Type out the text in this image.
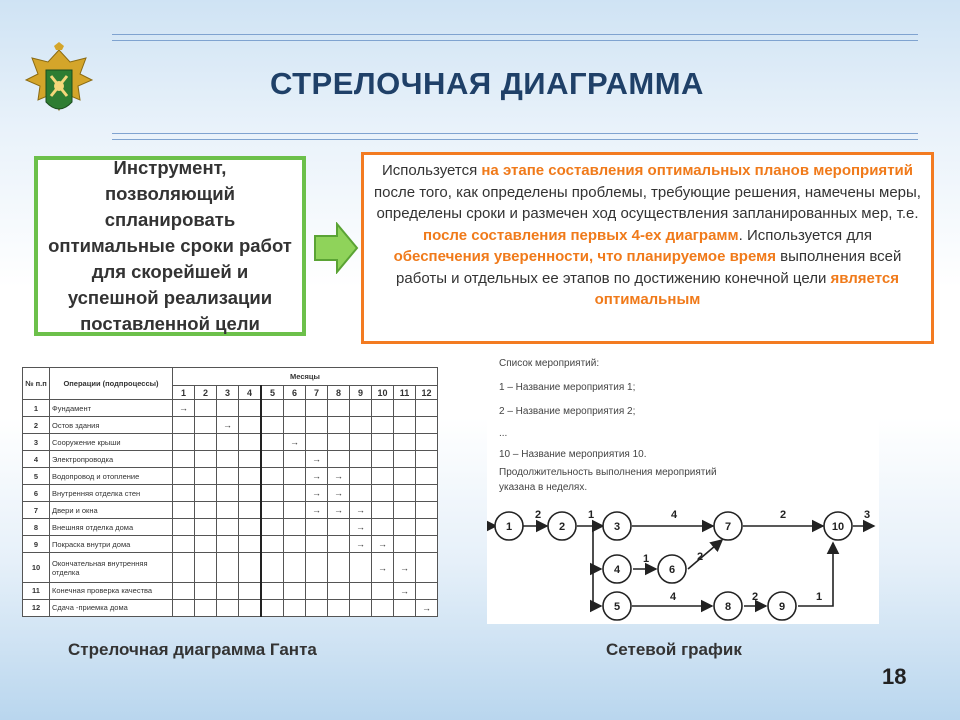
СТРЕЛОЧНАЯ ДИАГРАММА
Инструмент, позволяющий спланировать оптимальные сроки работ для скорейшей и успешной реализации поставленной цели
Используется на этапе составления оптимальных планов мероприятий после того, как определены проблемы, требующие решения, намечены меры, определены сроки и размечен ход осуществления запланированных мер, т.е. после составления первых 4-ех диаграмм. Используется для обеспечения уверенности, что планируемое время выполнения всей работы и отдельных ее этапов по достижению конечной цели является оптимальным
№ п.п	Операции (подпроцессы)	Месяцы											
		1	2	3	4	5	6	7	8	9	10	11	12
1	Фундамент	→											
2	Остов здания			→									
3	Сооружение крыши						→						
4	Электропроводка							→					
5	Водопровод и отопление							→	→				
6	Внутренняя отделка стен							→	→				
7	Двери и окна							→	→	→			
8	Внешняя отделка дома									→			
9	Покраска внутри дома									→	→		
10	Окончательная внутренняя отделка										→	→	
11	Конечная проверка качества											→	
12	Сдача -приемка дома												→
Список мероприятий:
1 – Название мероприятия 1;
2 – Название мероприятия 2;
...
10 – Название мероприятия 10.
Продолжительность выполнения мероприятий
указана в неделях.
2	1	4	2	3
1	2
4	2	1
1	2	3
4
5
6
7
8	9
10
Стрелочная диаграмма Ганта	Сетевой график
18
